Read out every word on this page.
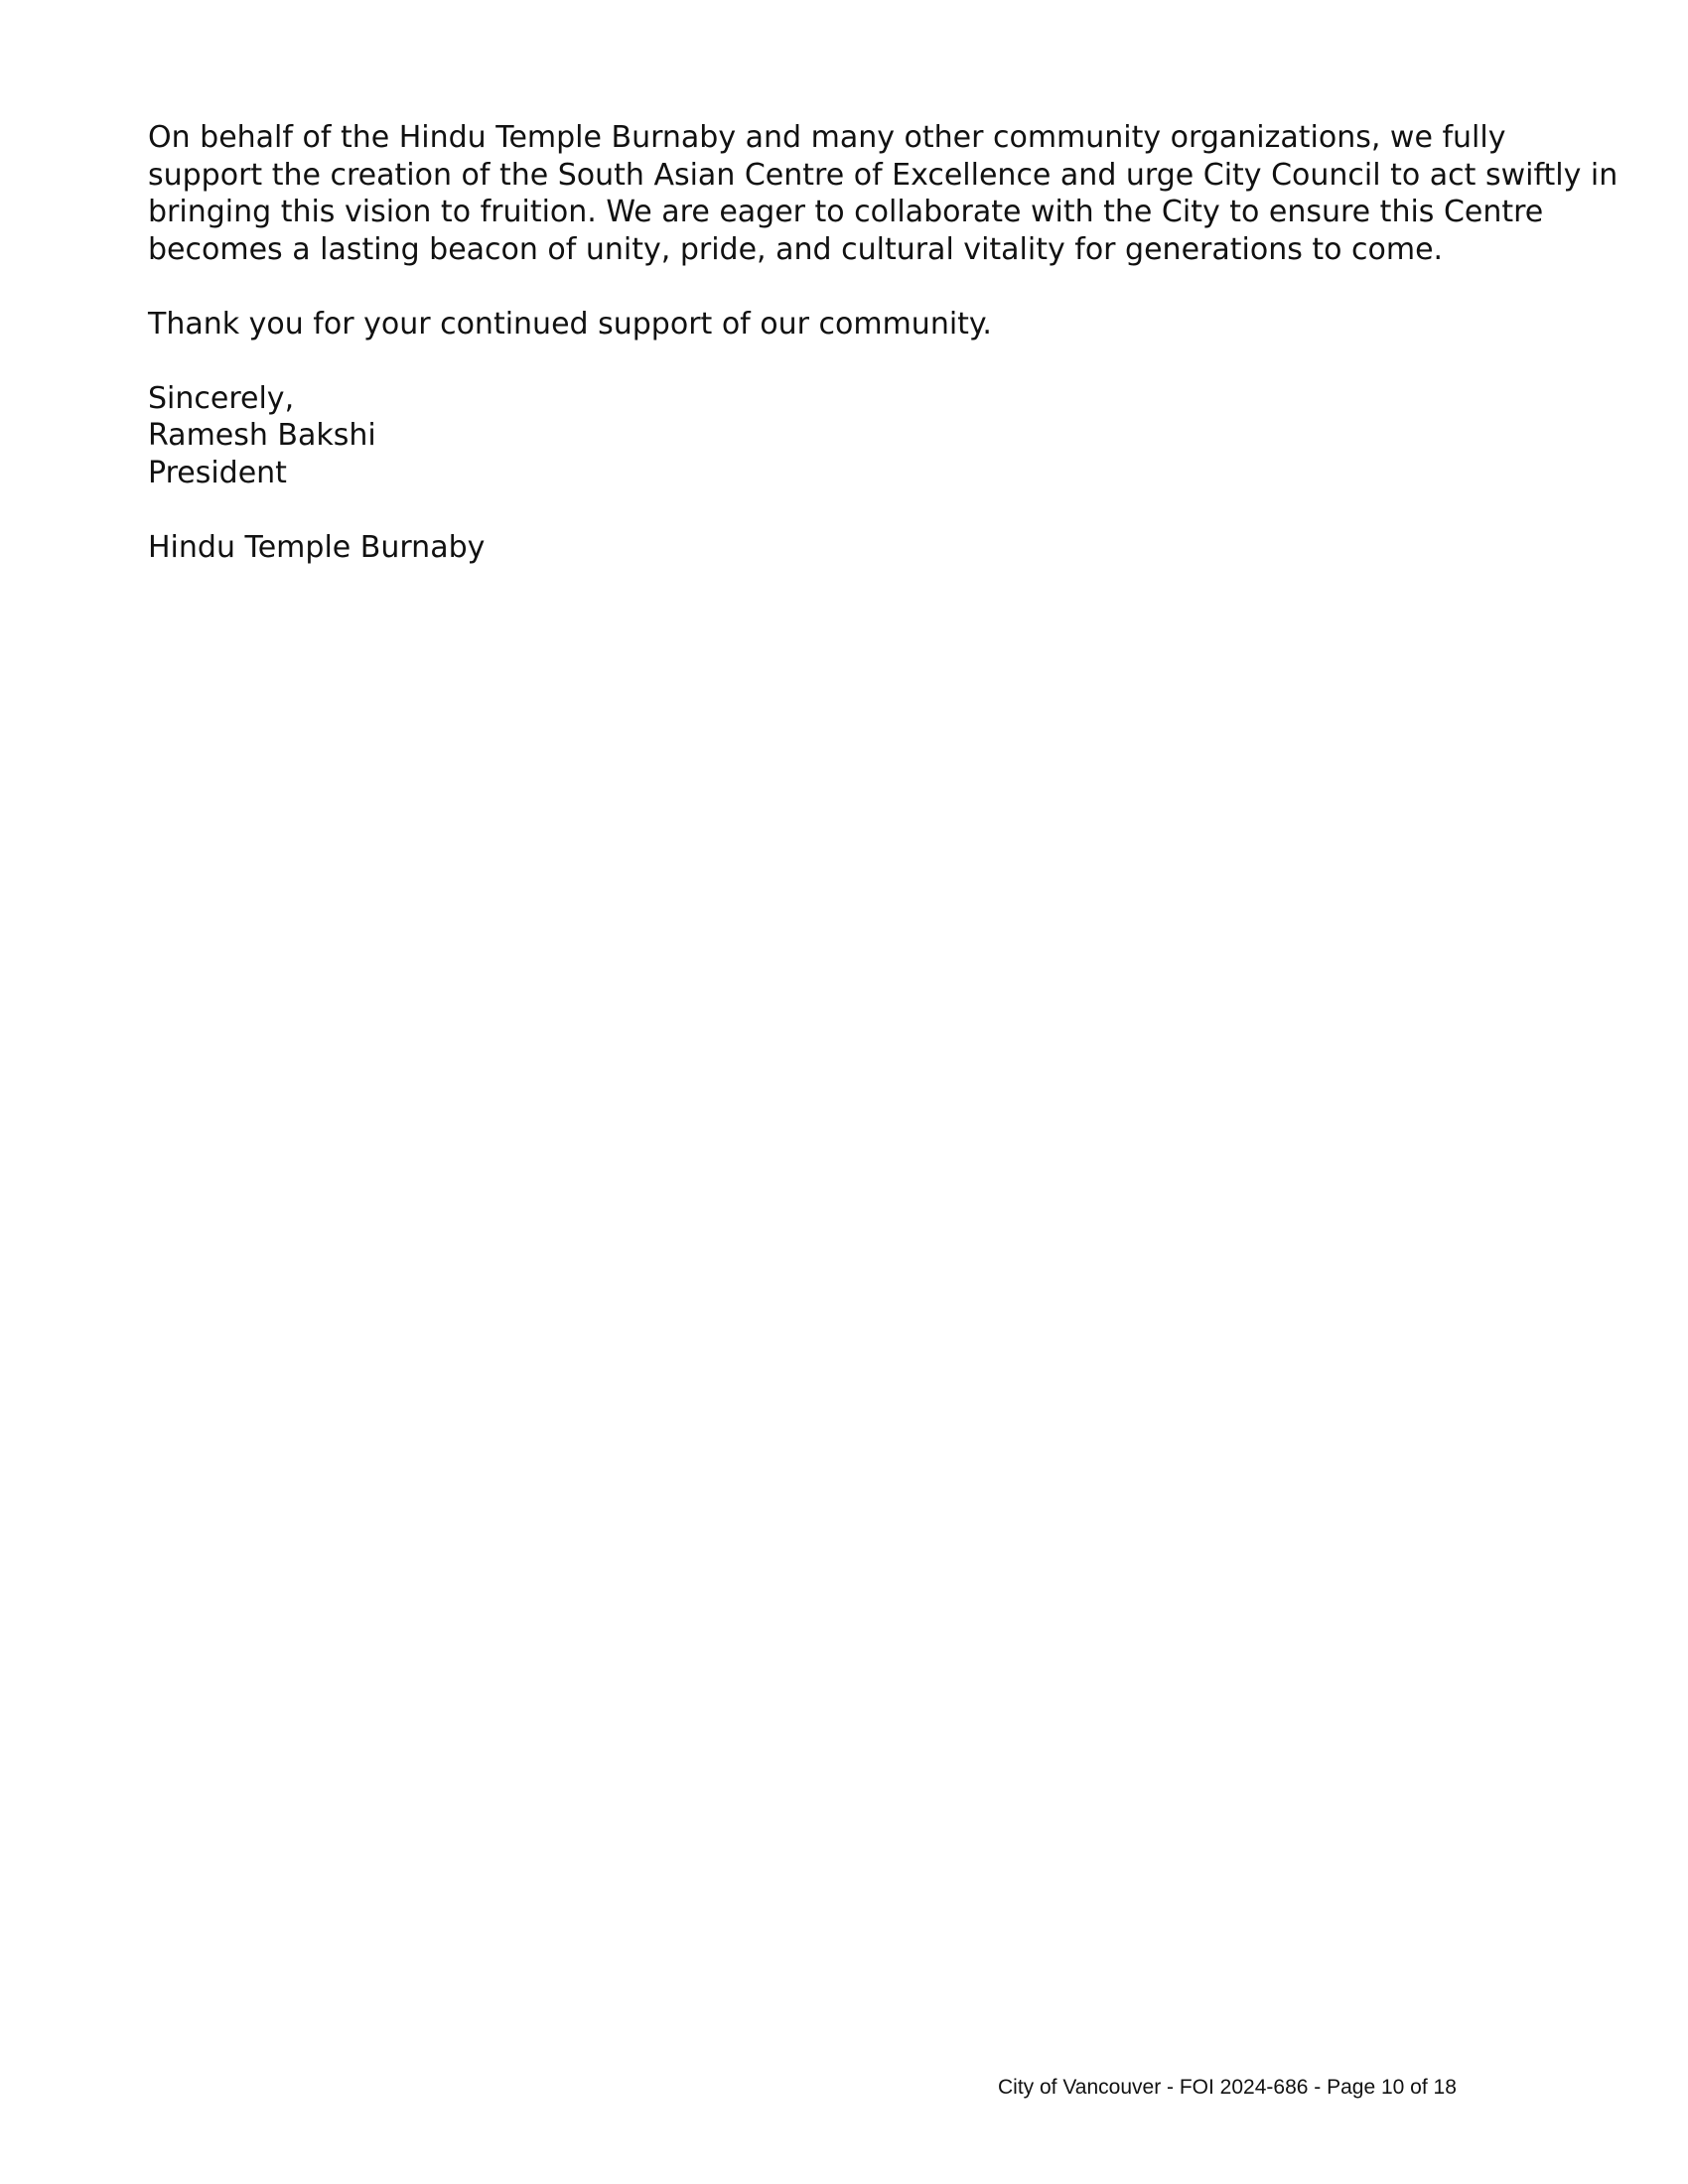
On behalf of the Hindu Temple Burnaby and many other community organizations, we fully
support the creation of the South Asian Centre of Excellence and urge City Council to act swiftly in
bringing this vision to fruition. We are eager to collaborate with the City to ensure this Centre
becomes a lasting beacon of unity, pride, and cultural vitality for generations to come.

Thank you for your continued support of our community.

Sincerely,
Ramesh Bakshi
President

Hindu Temple Burnaby

City of Vancouver - FOI 2024-686 - Page 10 of 18
